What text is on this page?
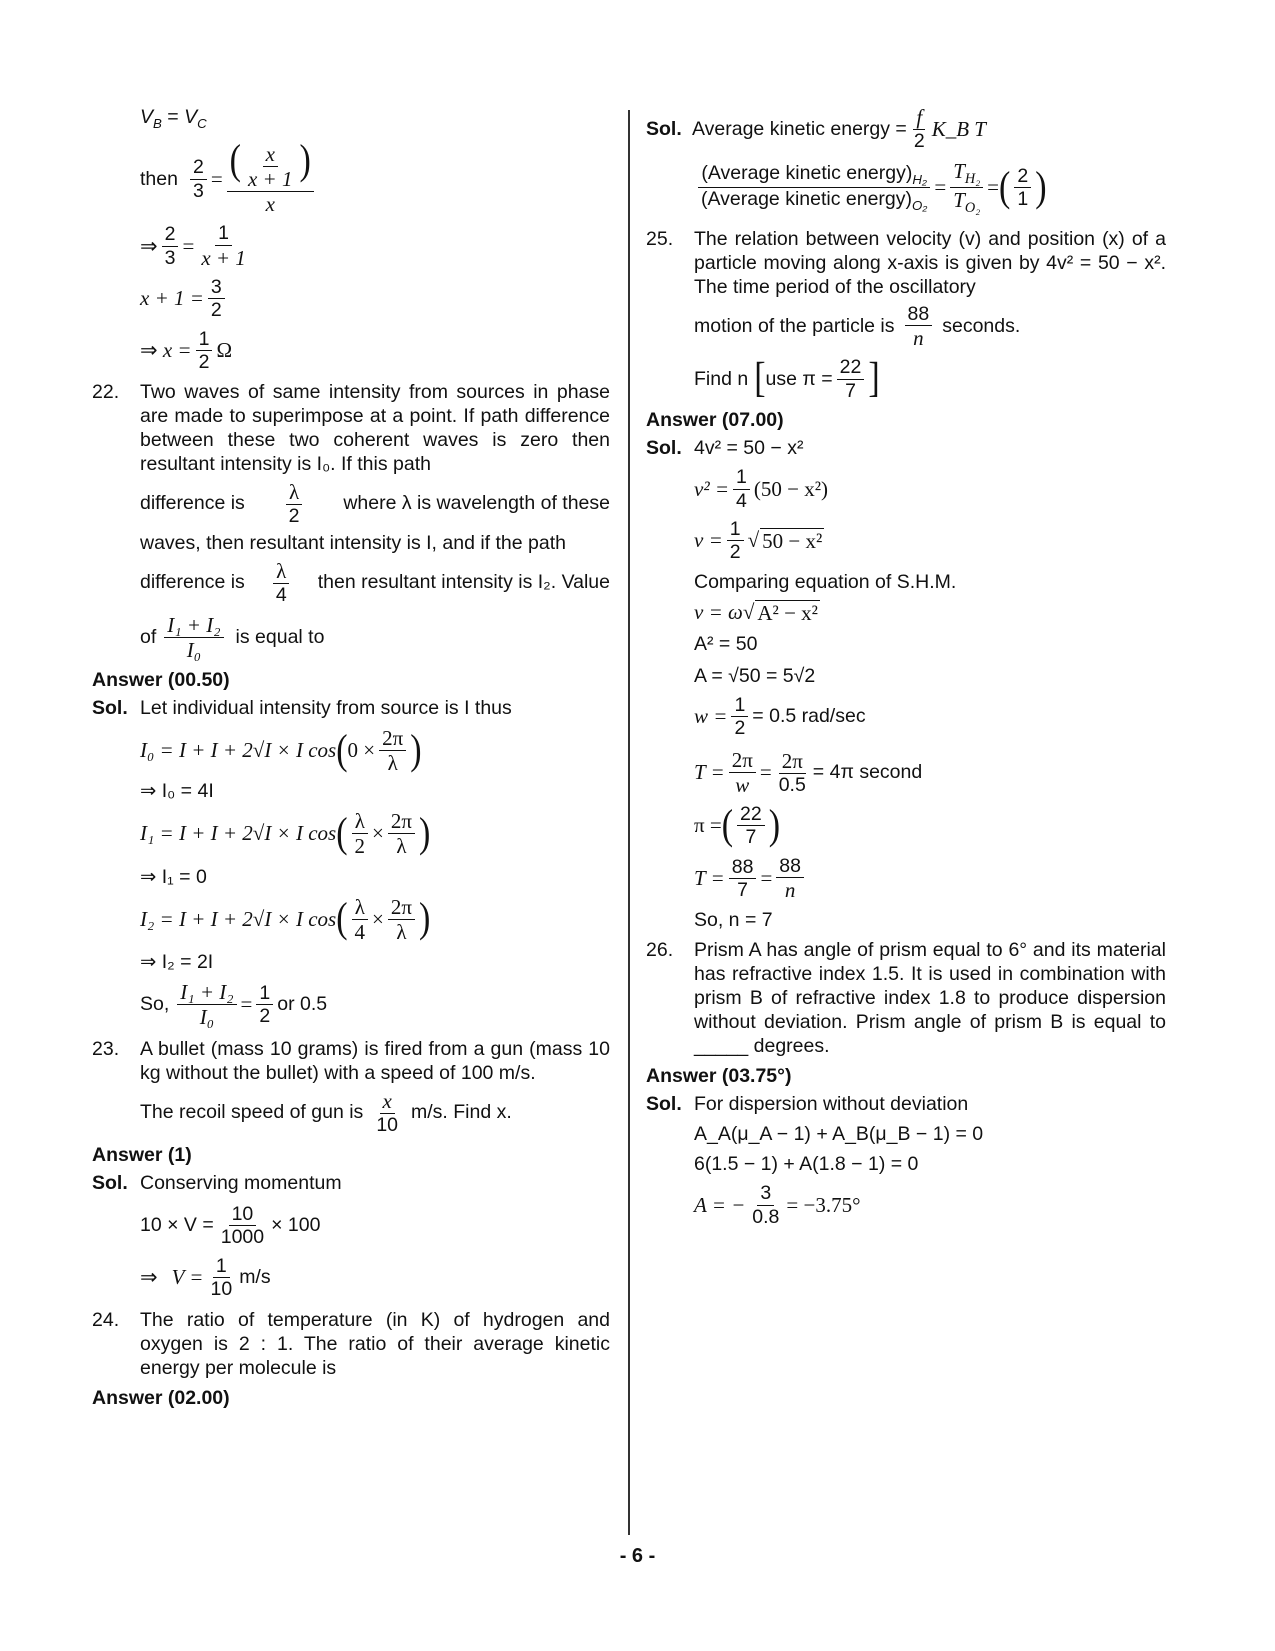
$V_B = V_C$
then $\frac{2}{3} = \frac{( \frac{x}{x + 1} )}{x}$
⇒ $\frac{2}{3} = \frac{1}{x + 1}$
$x + 1 = \frac{3}{2}$
⇒
$x = \frac{1}{2}$ Ω
22. Two waves of same intensity from sources in phase are made to superimpose at a point. If path difference between these two coherent waves is zero then resultant intensity is I₀. If this path
difference is λ
2
where λ is wavelength of these
waves, then resultant intensity is I, and if the path
difference is λ
4
then resultant intensity is I₂. Value
of
I₁ + I₂
I₀
is equal to
Answer (00.50)
Sol. Let individual intensity from source is I thus
I₀ = I + I + 2√I × I cos ( $0 \times \frac{2\pi}{\lambda}$ )
⇒ I₀ = 4I
I₁ = I + I + 2√I × I cos ( $\frac{\lambda}{2} \times \frac{2\pi}{\lambda}$ )
⇒ I₁ = 0
I₂ = I + I + 2√I × I cos ( $\frac{\lambda}{4} \times \frac{2\pi}{\lambda}$ )
⇒ I₂ = 2I
So, $\frac{\text{I₁ + I₂}}{\text{I₀}} = \frac{1}{2}$ or 0.5
23. A bullet (mass 10 grams) is fired from a gun (mass 10 kg without the bullet) with a speed of 100 m/s.
The recoil speed of gun is x
10
m/s. Find x.
Answer (1)
Sol. Conserving momentum
$10 \times V = \frac{10}{1000} \times 100$
⇒ $V = \frac{1}{10} m/s$
24. The ratio of temperature (in K) of hydrogen and oxygen is 2 : 1. The ratio of their average kinetic energy per molecule is
Answer (02.00)
Sol. Average kinetic energy = $\frac{f}{2}$ K_B T
(Average kinetic $energy)_{H_2}$
(Average kinetic $energy)_{O_2}$
= $\frac{T_{H_2}}{T_{O_2}}$ = ( 2
1 )
25. The relation between velocity (v) and position (x) of a particle moving along x-axis is given by 4v² = 50 − x². The time period of the oscillatory
motion of the particle is
88
n
seconds.
Find n [ use $\pi = \frac{22}{7}$ ]
Answer (07.00)
Sol. 4v² = 50 − x²
$v^2 = \frac{1}{4} (50 - x^2)$
$v = \frac{1}{2}$ √ 50 − x²
Comparing equation of S.H.M.
v = ω √ A² − x²
A² = 50
A = √50 = 5√2
$w = \frac{1}{2} = 0.5$ rad/sec
$T = \frac{2\pi}{w} = \frac{2\pi}{0.5} = 4\pi$ second
π = ( 22
7 )
$T = \frac{88}{7} = \frac{88}{n}$
So, n = 7
26. Prism A has angle of prism equal to 6° and its material has refractive index 1.5. It is used in combination with prism B of refractive index 1.8 to produce dispersion without deviation. Prism angle of prism B is equal to _____ degrees.
Answer (03.75°)
Sol. For dispersion without deviation
A_A(μ_A − 1) + A_B(μ_B − 1) = 0
6(1.5 − 1) + A(1.8 − 1) = 0
A = − $\frac{3}{0.8} = -3.75^\circ$
- 6 -
